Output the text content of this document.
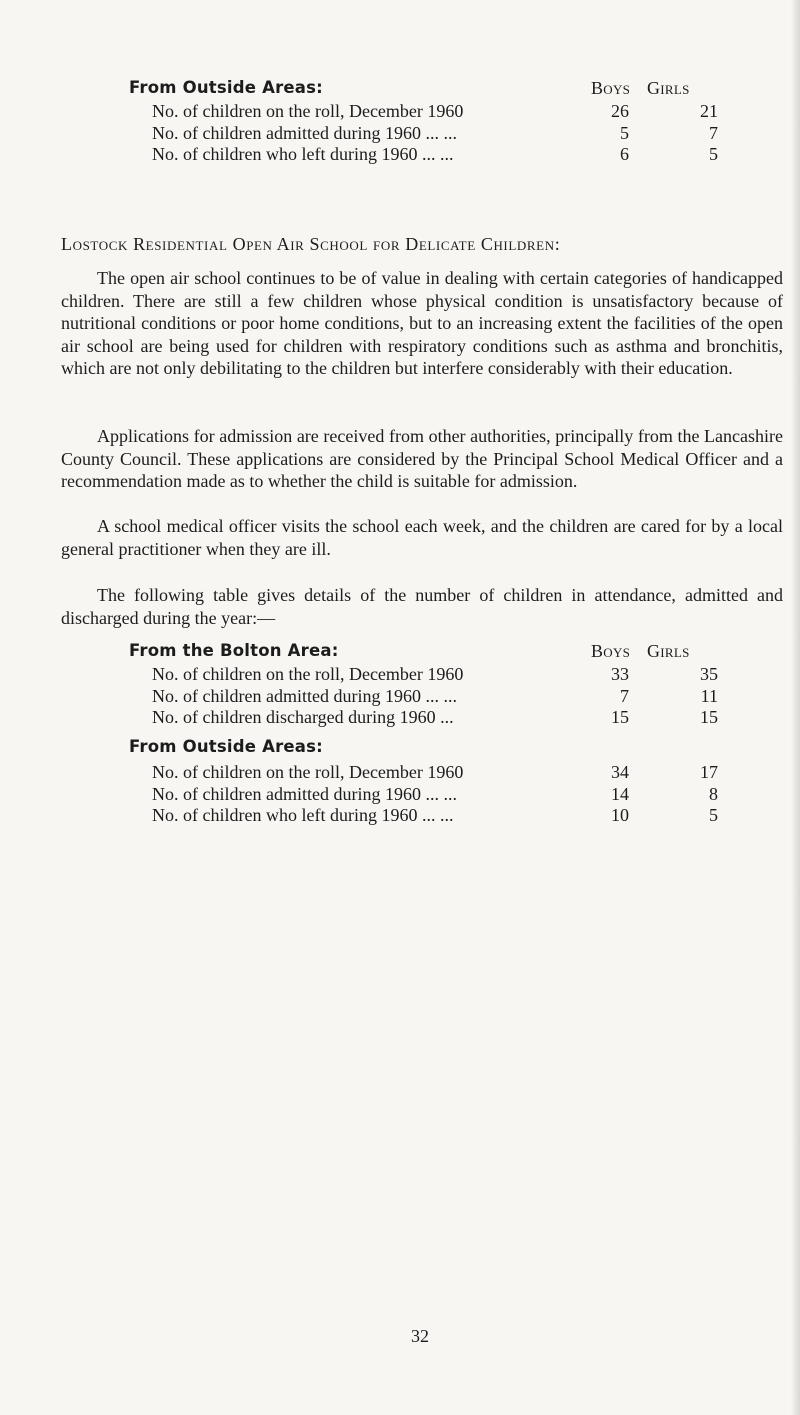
From Outside Areas:	Boys Girls
No. of children on the roll, December 1960	26	21
No. of children admitted during 1960 ... ...	5	7
No. of children who left during 1960 ... ...	6	5
Lostock Residential Open Air School for Delicate Children:

The open air school continues to be of value in dealing with certain categories of handicapped children. There are still a few children whose physical condition is unsatisfactory because of nutritional conditions or poor home conditions, but to an increasing extent the facilities of the open air school are being used for children with respiratory conditions such as asthma and bronchitis, which are not only debilitating to the children but interfere considerably with their education.

Applications for admission are received from other authorities, principally from the Lancashire County Council. These applications are considered by the Principal School Medical Officer and a recommendation made as to whether the child is suitable for admission.

A school medical officer visits the school each week, and the children are cared for by a local general practitioner when they are ill.

The following table gives details of the number of children in attendance, admitted and discharged during the year:—

From the Bolton Area:	Boys Girls
No. of children on the roll, December 1960	33	35
No. of children admitted during 1960 ... ...	7	11
No. of children discharged during 1960 ...	15	15
From Outside Areas:
No. of children on the roll, December 1960	34	17
No. of children admitted during 1960 ... ...	14	8
No. of children who left during 1960 ... ...	10	5
32
